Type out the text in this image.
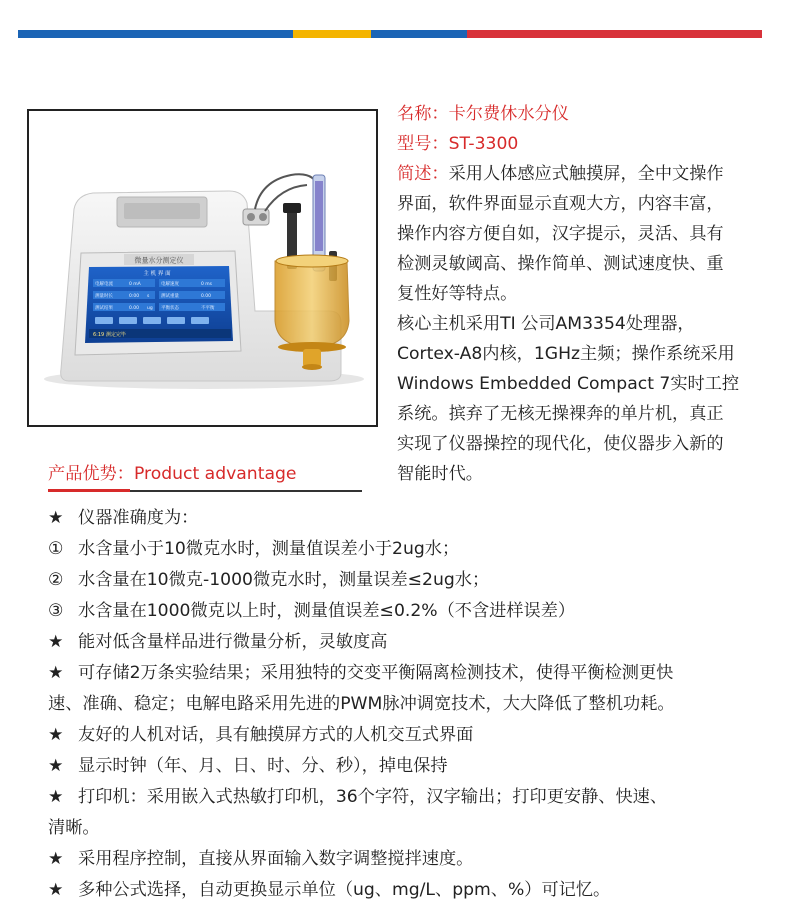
微量水分测定仪
主 机 界 面
电解电流	0 mA	电解速度	0 ms
测量时长	0:00 s	测试重量	0.00
测试结果	0.00 ug 平衡状态	不平衡
6:19 测定完毕
名称：卡尔费休水分仪
型号：ST-3300
简述：采用人体感应式触摸屏，全中文操作
界面，软件界面显示直观大方，内容丰富，
操作内容方便自如，汉字提示，灵活、具有
检测灵敏阈高、操作简单、测试速度快、重
复性好等特点。
核心主机采用TI 公司AM3354处理器，
Cortex-A8内核，1GHz主频；操作系统采用
Windows Embedded Compact 7实时工控
系统。摈弃了无核无操裸奔的单片机，真正
实现了仪器操控的现代化，使仪器步入新的
智能时代。
产品优势：Product advantage
★ 仪器准确度为：
① 水含量小于10微克水时，测量值误差小于2ug水；
② 水含量在10微克-1000微克水时，测量误差≤2ug水；
③ 水含量在1000微克以上时，测量值误差≤0.2%（不含进样误差）
★ 能对低含量样品进行微量分析，灵敏度高
★ 可存储2万条实验结果；采用独特的交变平衡隔离检测技术，使得平衡检测更快
速、准确、稳定；电解电路采用先进的PWM脉冲调宽技术，大大降低了整机功耗。
★ 友好的人机对话，具有触摸屏方式的人机交互式界面
★ 显示时钟（年、月、日、时、分、秒），掉电保持
★ 打印机：采用嵌入式热敏打印机，36个字符，汉字输出；打印更安静、快速、
清晰。
★ 采用程序控制，直接从界面输入数字调整搅拌速度。
★ 多种公式选择，自动更换显示单位（ug、mg/L、ppm、%）可记忆。
